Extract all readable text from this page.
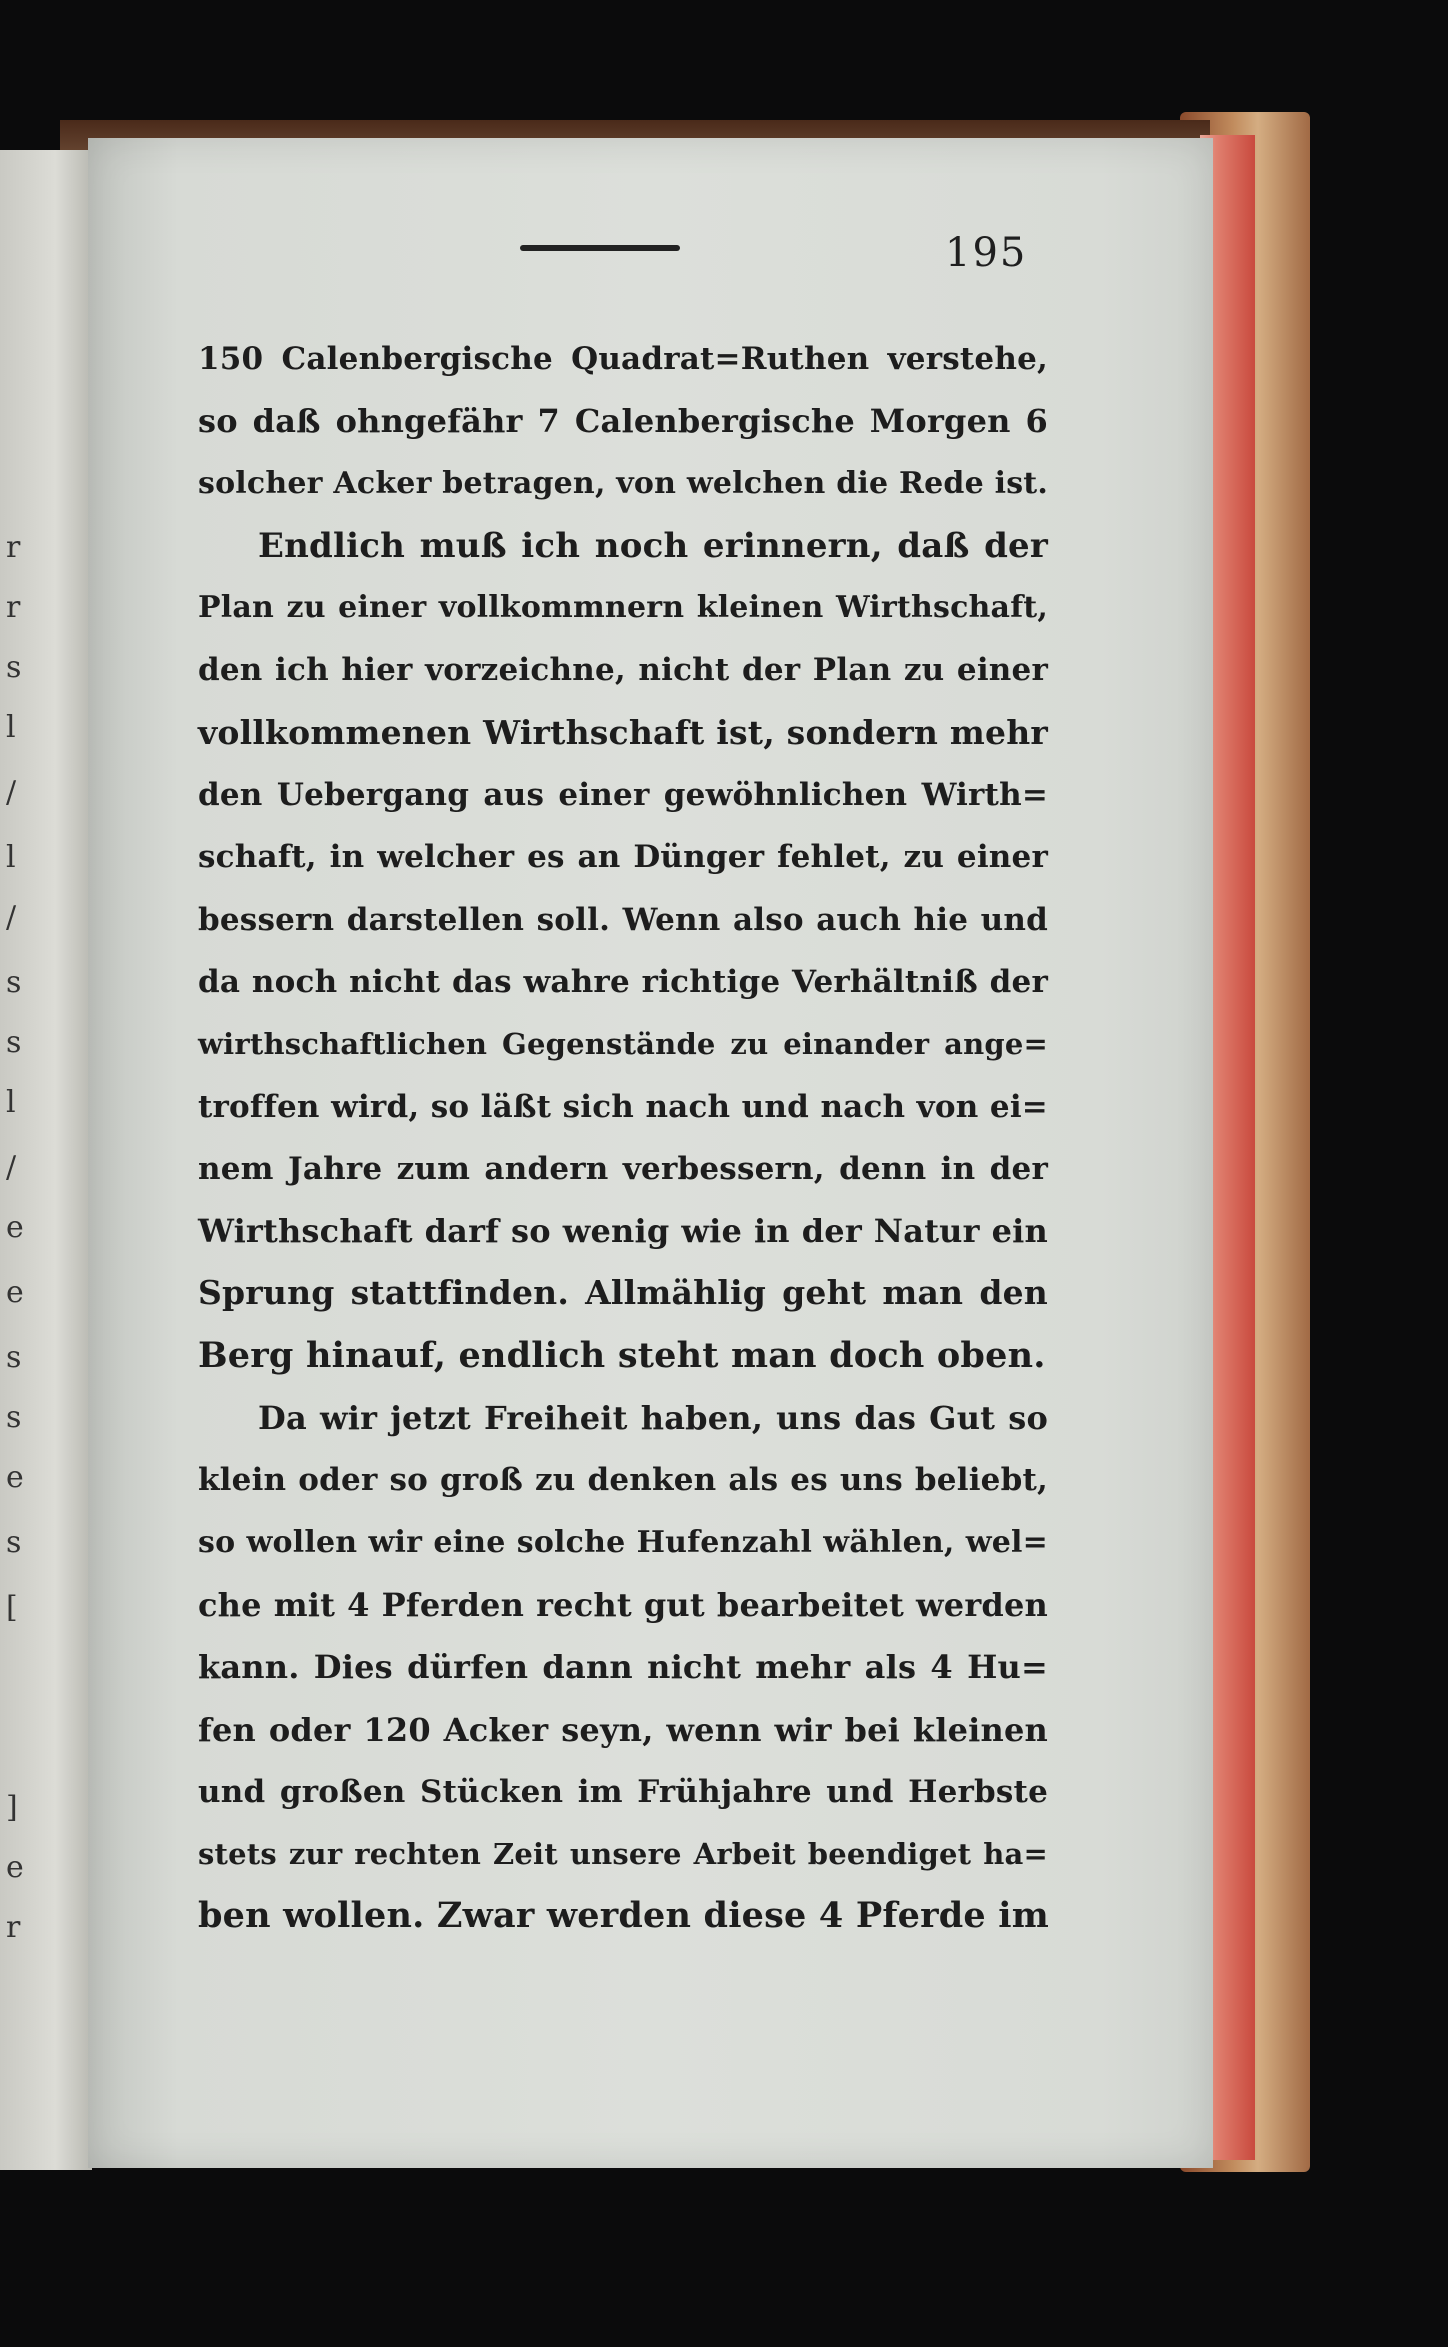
r
r
s
l
/
l
/
s
s
l
/
e
e
s
s
e
s
[
]
e
r
195
150 Calenbergische Quadrat=Ruthen verstehe,
so daß ohngefähr 7 Calenbergische Morgen 6
solcher Acker betragen, von welchen die Rede ist.
Endlich muß ich noch erinnern, daß der
Plan zu einer vollkommnern kleinen Wirthschaft,
den ich hier vorzeichne, nicht der Plan zu einer
vollkommenen Wirthschaft ist, sondern mehr
den Uebergang aus einer gewöhnlichen Wirth=
schaft, in welcher es an Dünger fehlet, zu einer
bessern darstellen soll. Wenn also auch hie und
da noch nicht das wahre richtige Verhältniß der
wirthschaftlichen Gegenstände zu einander ange=
troffen wird, so läßt sich nach und nach von ei=
nem Jahre zum andern verbessern, denn in der
Wirthschaft darf so wenig wie in der Natur ein
Sprung stattfinden. Allmählig geht man den
Berg hinauf, endlich steht man doch oben.
Da wir jetzt Freiheit haben, uns das Gut so
klein oder so groß zu denken als es uns beliebt,
so wollen wir eine solche Hufenzahl wählen, wel=
che mit 4 Pferden recht gut bearbeitet werden
kann. Dies dürfen dann nicht mehr als 4 Hu=
fen oder 120 Acker seyn, wenn wir bei kleinen
und großen Stücken im Frühjahre und Herbste
stets zur rechten Zeit unsere Arbeit beendiget ha=
ben wollen. Zwar werden diese 4 Pferde im
